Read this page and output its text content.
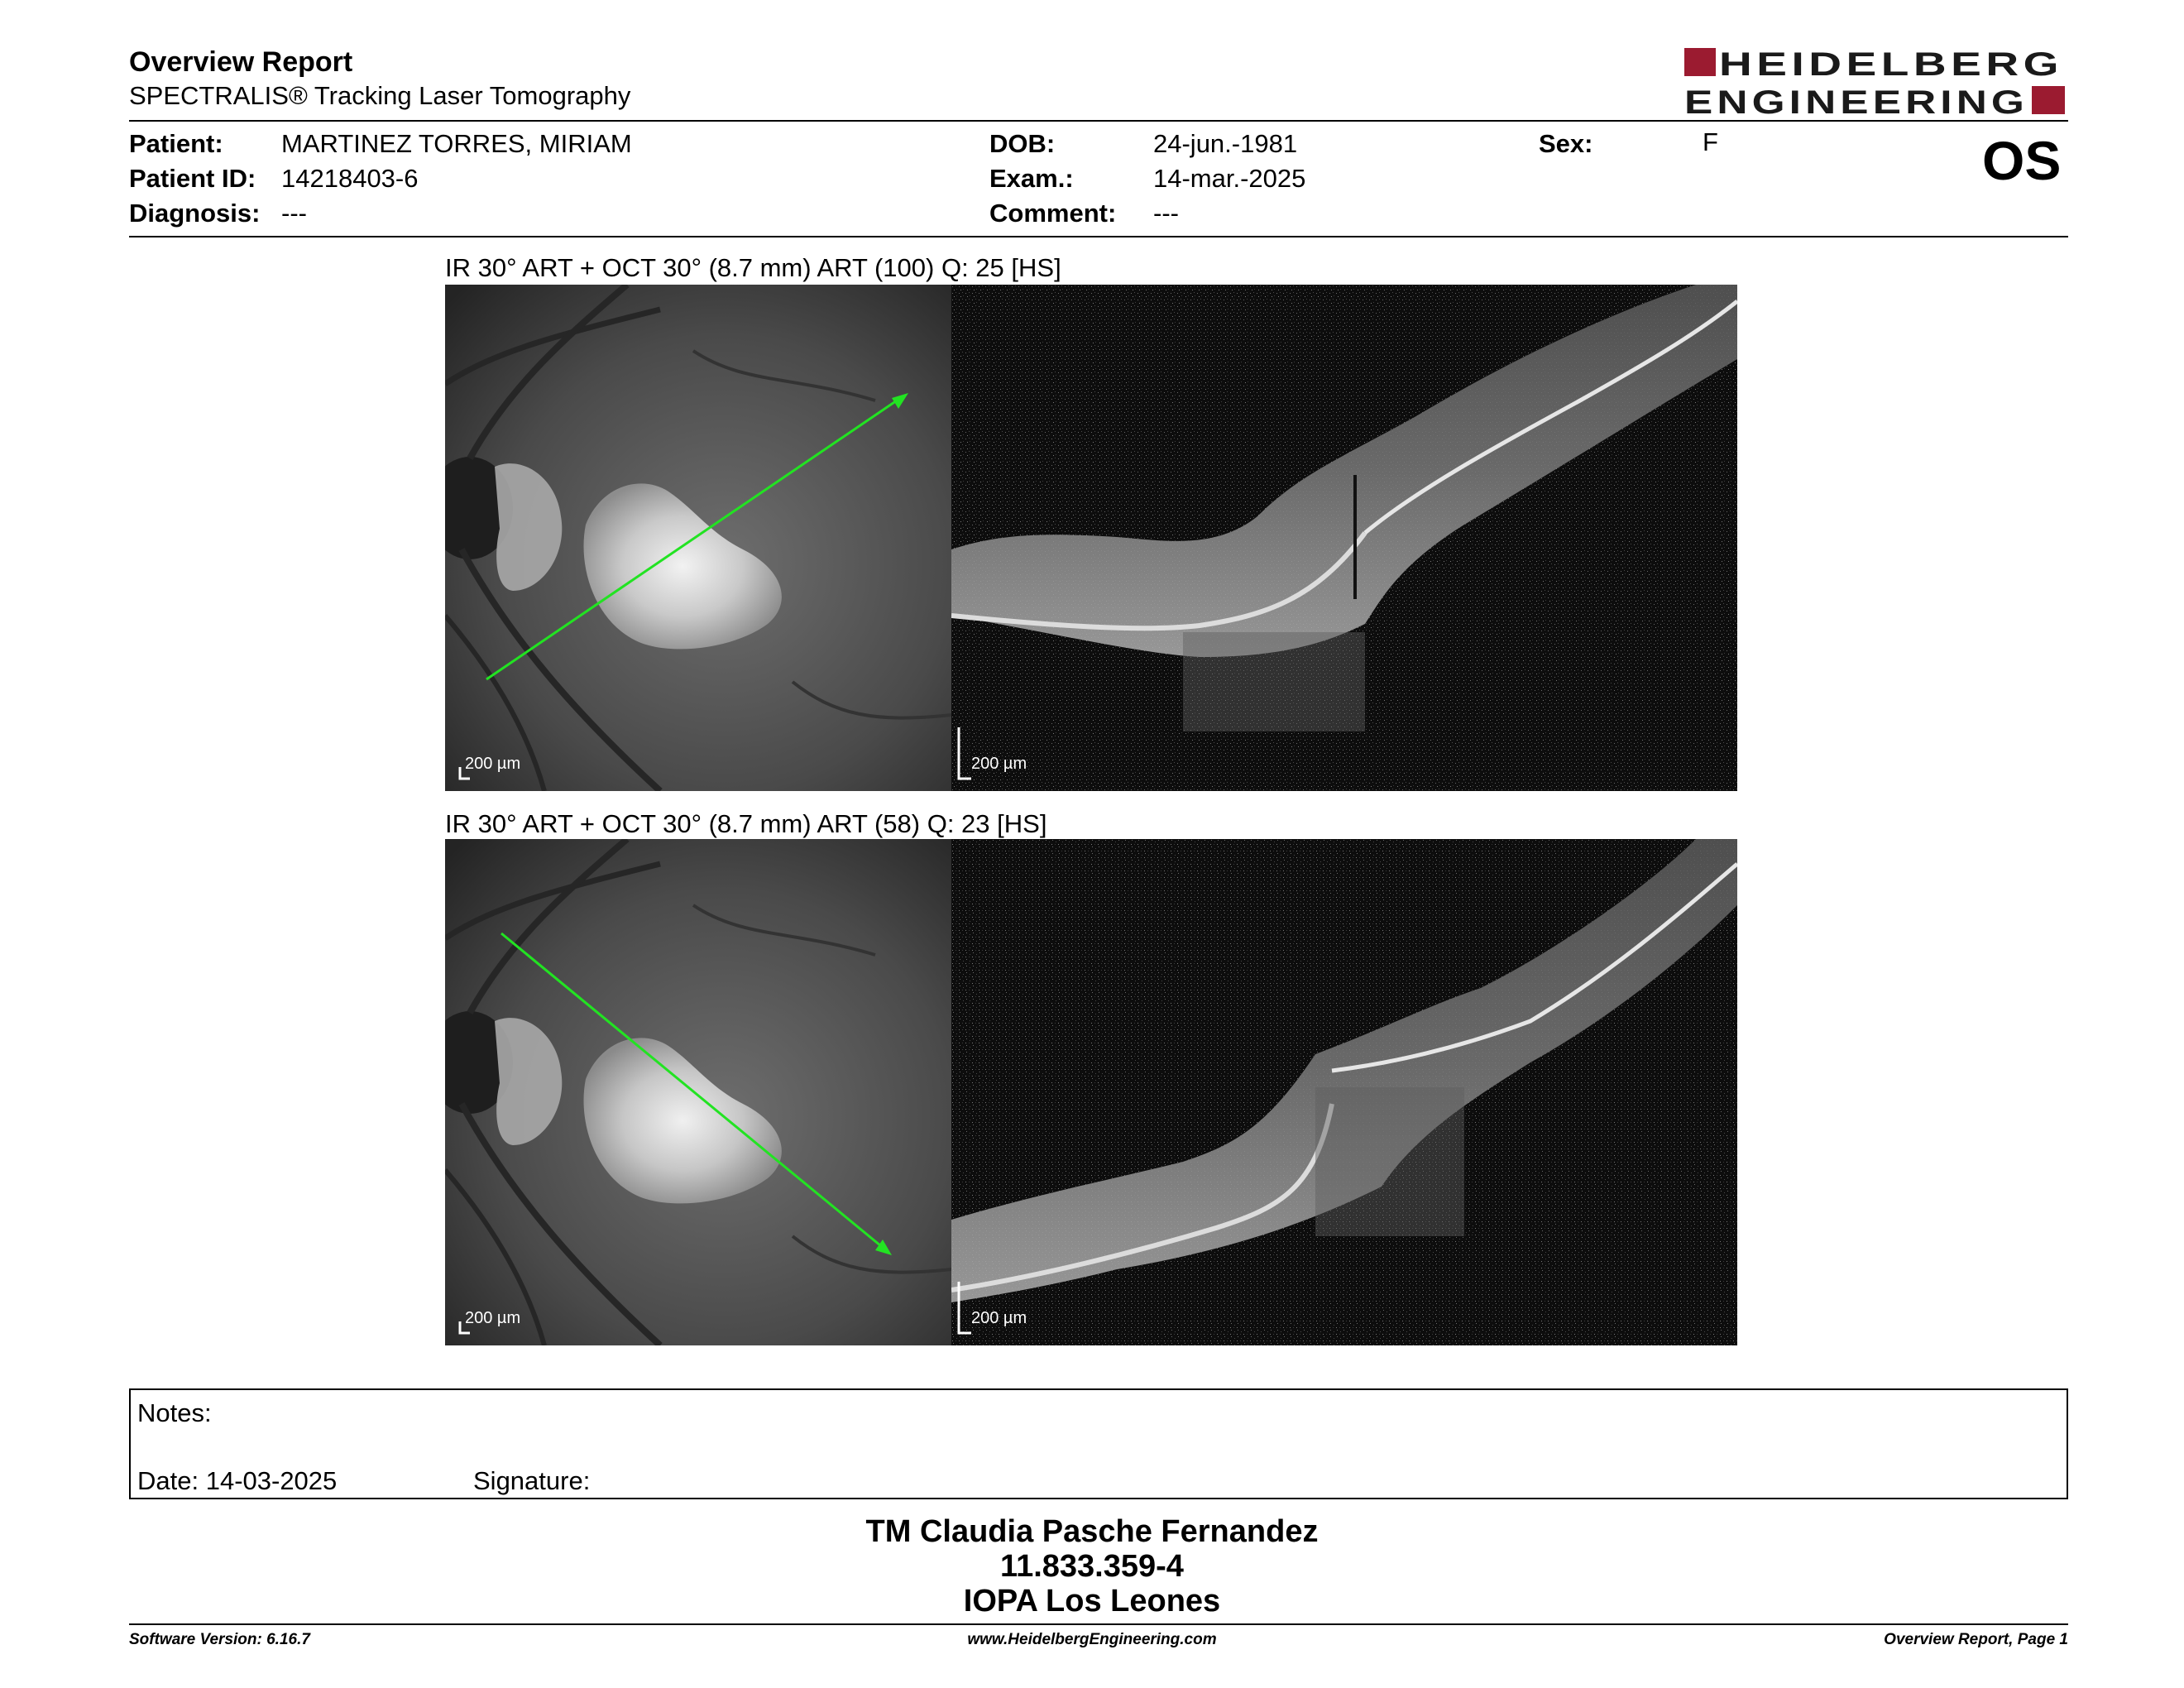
Overview Report
SPECTRALIS® Tracking Laser Tomography
HEIDELBERG
ENGINEERING
Patient: MARTINEZ TORRES, MIRIAM
Patient ID: 14218403-6
Diagnosis: ---
DOB:	24-jun.-1981
Exam.:	14-mar.-2025
Comment: ---
Sex:	F	OS
IR 30° ART + OCT 30° (8.7 mm) ART (100) Q: 25 [HS]
200 µm	200 µm
IR 30° ART + OCT 30° (8.7 mm) ART (58) Q: 23 [HS]
200 µm	200 µm
Notes:
Date: 14-03-2025	Signature:
TM Claudia Pasche Fernandez
11.833.359-4
IOPA Los Leones
Software Version: 6.16.7	www.HeidelbergEngineering.com	Overview Report, Page 1
